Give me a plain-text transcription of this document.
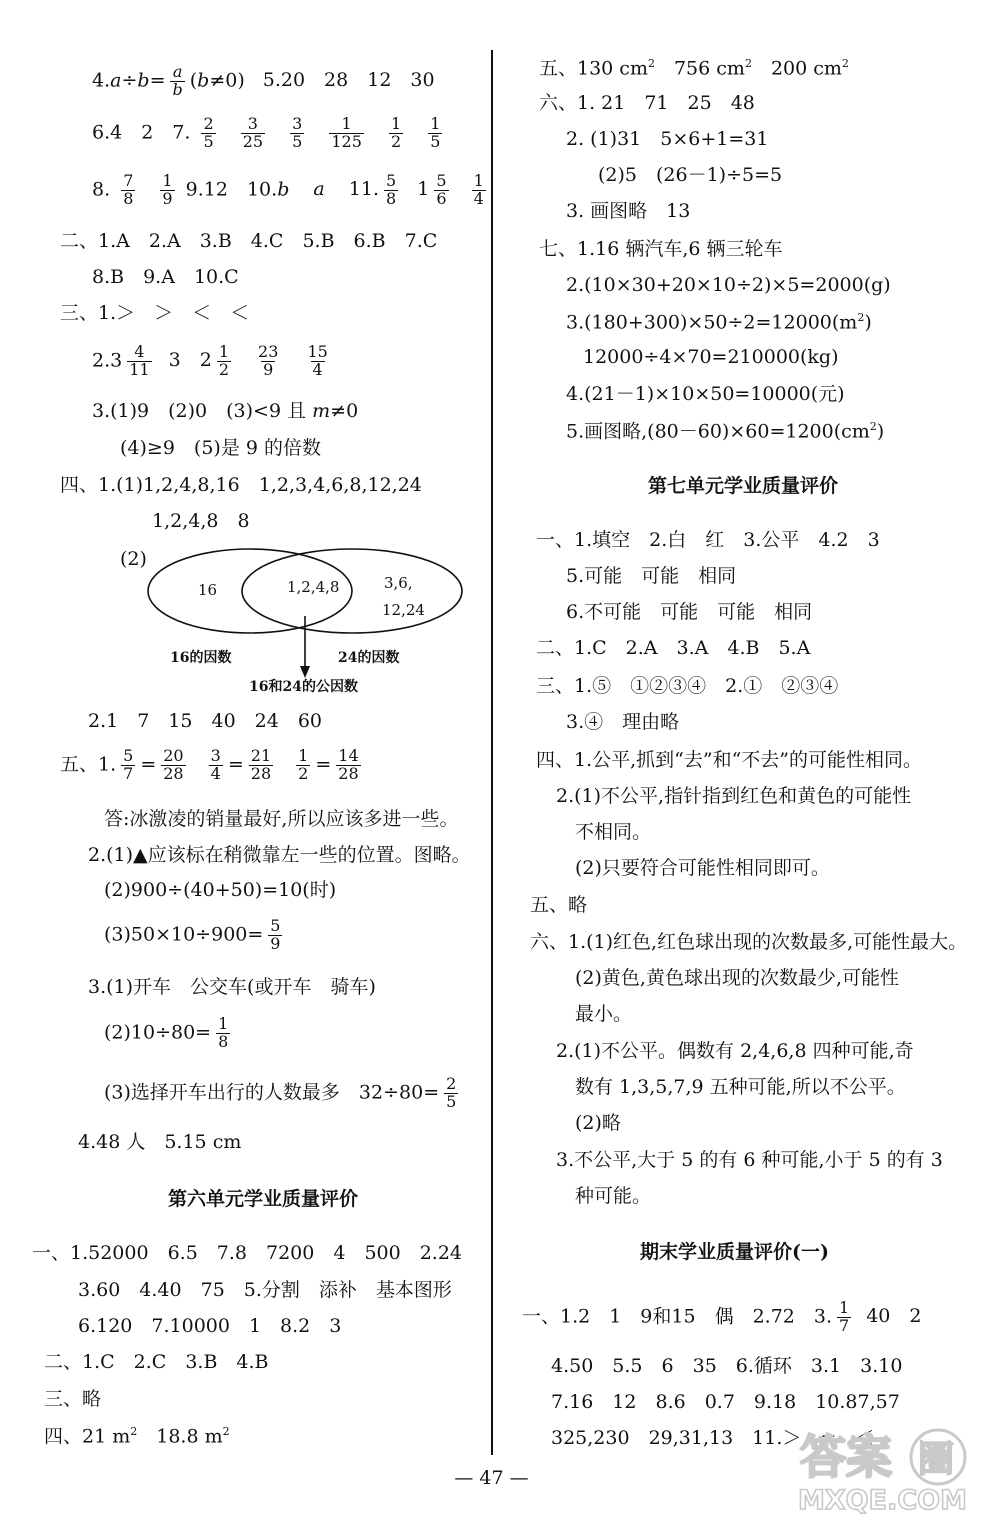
$4.a\div b= \frac{a}{b} (b\ne 0)$ 5.20　28　12　30
6.4　2　7. $\frac{2}{5}$
$\frac{3}{25}$
$\frac{3}{5}$
$\frac{1}{125}$
$\frac{1}{2}$
$\frac{1}{5}$
8. $\frac{7}{8}$
$\frac{1}{9} 9.12$　10.b a 11. $\frac{5}{8} 1 \frac{5}{6}$
$\frac{1}{4}$
二、1.A　2.A　3.B　4.C　5.B　6.B　7.C
8.B　9.A　10.C
三、1.＞　＞　＜　＜
$2.3 \frac{4}{11} 3$　$2 \frac{1}{2}$
$\frac{23}{9}$
$\frac{15}{4}$
3.(1)9　(2)0　(3)<9 且 m≠0
(4)≥9　(5)是 9 的倍数
四、1.(1)1,2,4,8,16　1,2,3,4,6,8,12,24
1,2,4,8　8
(2)
16	1,2,4,8	3,6,
12,24
16的因数	24的因数
16和24的公因数
2.1　7　15　40　24　60
五、1. $\frac{5}{7} = \frac{20}{28}$
$\frac{3}{4} = \frac{21}{28}$
$\frac{1}{2} = \frac{14}{28}$
答:冰激凌的销量最好,所以应该多进一些。
2.(1)▲应该标在稍微靠左一些的位置。图略。
(2)900÷(40+50)=10(时)
$(3)50\times 10\div 900= \frac{5}{9}$
3.(1)开车　公交车(或开车　骑车)
$(2)10\div 80= \frac{1}{8}$
(3)选择开车出行的人数最多　$32\div 80= \frac{2}{5}$
4.48 人　5.15 cm
第六单元学业质量评价
一、1.52000　6.5　7.8　7200　4　500　2.24
3.60　4.40　75　5.分割　添补　基本图形
6.120　7.10000　1　8.2　3
二、1.C　2.C　3.B　4.B
三、略
四、21 $m^2$　18.8 $m^2$
五、130 $cm^2$　756 $cm^2$　200 $cm^2$
六、1. 21　71　25　48
2. (1)31　5×6+1=31
(2)5　(26－1)÷5=5
3. 画图略　13
七、1.16 辆汽车,6 辆三轮车
2.(10×30+20×10÷2)×5=2000(g)
$3.(180+300)\times 50\div 2=12000(m^2)$
12000÷4×70=210000(kg)
4.(21－1)×10×50=10000(元)
5.画图略$,(80-60)\times 60=1200(cm^2)$
第七单元学业质量评价
一、1.填空　2.白　红　3.公平　4.2　3
5.可能　可能　相同
6.不可能　可能　可能　相同
二、1.C　2.A　3.A　4.B　5.A
三、1.⑤　①②③④　2.①　②③④
3.④　理由略
四、1.公平,抓到“去”和“不去”的可能性相同。
2.(1)不公平,指针指到红色和黄色的可能性
不相同。
(2)只要符合可能性相同即可。
五、略
六、1.(1)红色,红色球出现的次数最多,可能性最大。
(2)黄色,黄色球出现的次数最少,可能性
最小。
2.(1)不公平。偶数有 2,4,6,8 四种可能,奇
数有 1,3,5,7,9 五种可能,所以不公平。
(2)略
3.不公平,大于 5 的有 6 种可能,小于 5 的有 3
种可能。
期末学业质量评价(一)
一、1.2　1　9和15　偶　2.72　3. $\frac{1}{7} 40$　2
4.50　5.5　6　35　6.循环　3.1　3.10
7.16　12　8.6　0.7　9.18　10.87,57
325,230　29,31,13　11.＞　=　＜
— 47 —	答案 圈
MXQE.COM
